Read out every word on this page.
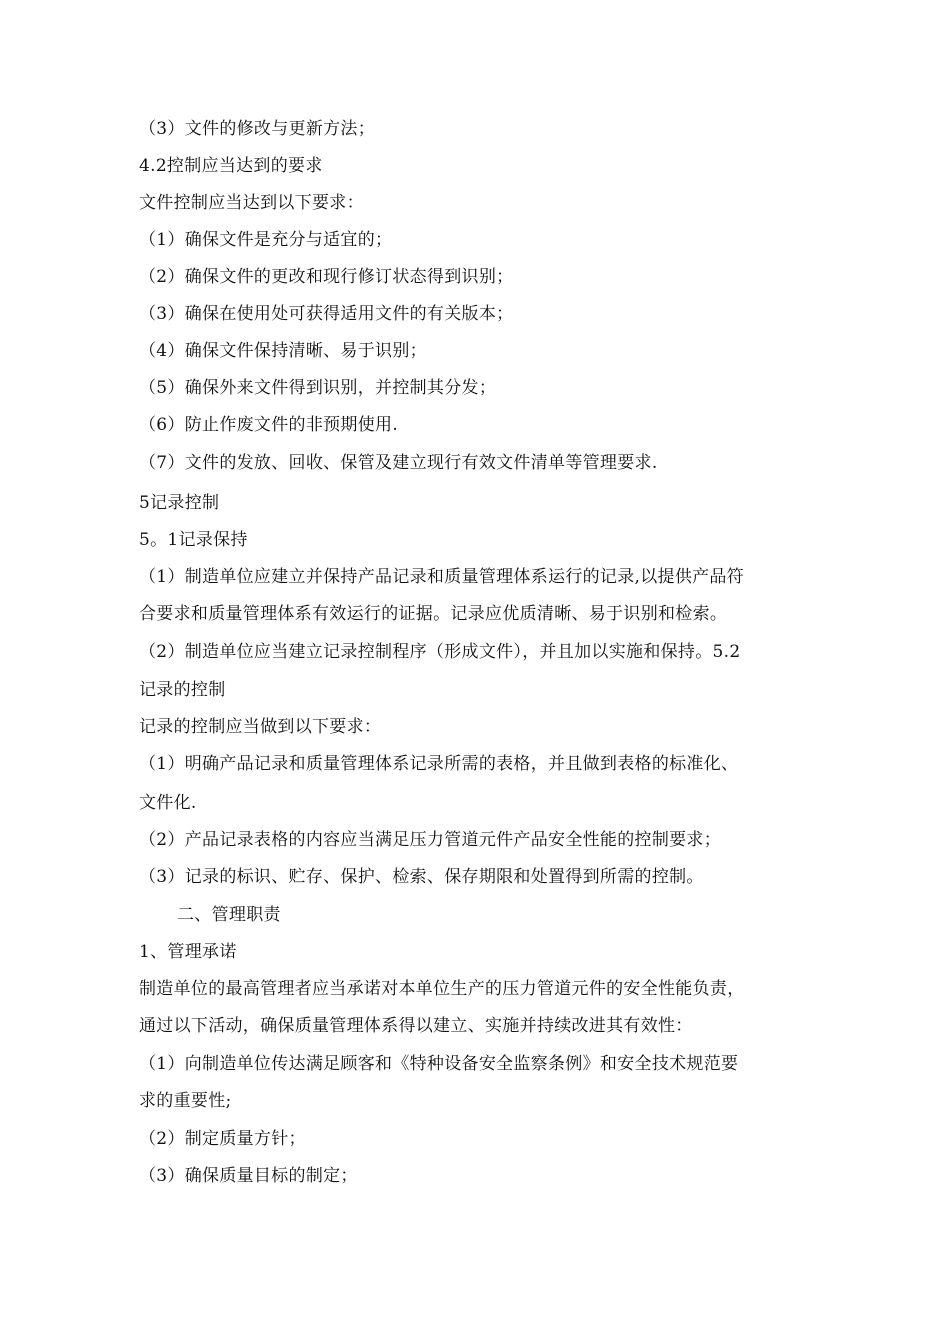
（3）文件的修改与更新方法；
4.2控制应当达到的要求
文件控制应当达到以下要求：
（1）确保文件是充分与适宜的；
（2）确保文件的更改和现行修订状态得到识别；
（3）确保在使用处可获得适用文件的有关版本；
（4）确保文件保持清晰、易于识别；
（5）确保外来文件得到识别，并控制其分发；
（6）防止作废文件的非预期使用.
（7）文件的发放、回收、保管及建立现行有效文件清单等管理要求.
5记录控制
5。1记录保持
（1）制造单位应建立并保持产品记录和质量管理体系运行的记录,以提供产品符
合要求和质量管理体系有效运行的证据。记录应优质清晰、易于识别和检索。
（2）制造单位应当建立记录控制程序（形成文件），并且加以实施和保持。5.2
记录的控制
记录的控制应当做到以下要求：
（1）明确产品记录和质量管理体系记录所需的表格，并且做到表格的标准化、
文件化.
（2）产品记录表格的内容应当满足压力管道元件产品安全性能的控制要求；
（3）记录的标识、贮存、保护、检索、保存期限和处置得到所需的控制。
二、管理职责
1、管理承诺
制造单位的最高管理者应当承诺对本单位生产的压力管道元件的安全性能负责，
通过以下活动，确保质量管理体系得以建立、实施并持续改进其有效性：
（1）向制造单位传达满足顾客和《特种设备安全监察条例》和安全技术规范要
求的重要性;
（2）制定质量方针；
（3）确保质量目标的制定；
